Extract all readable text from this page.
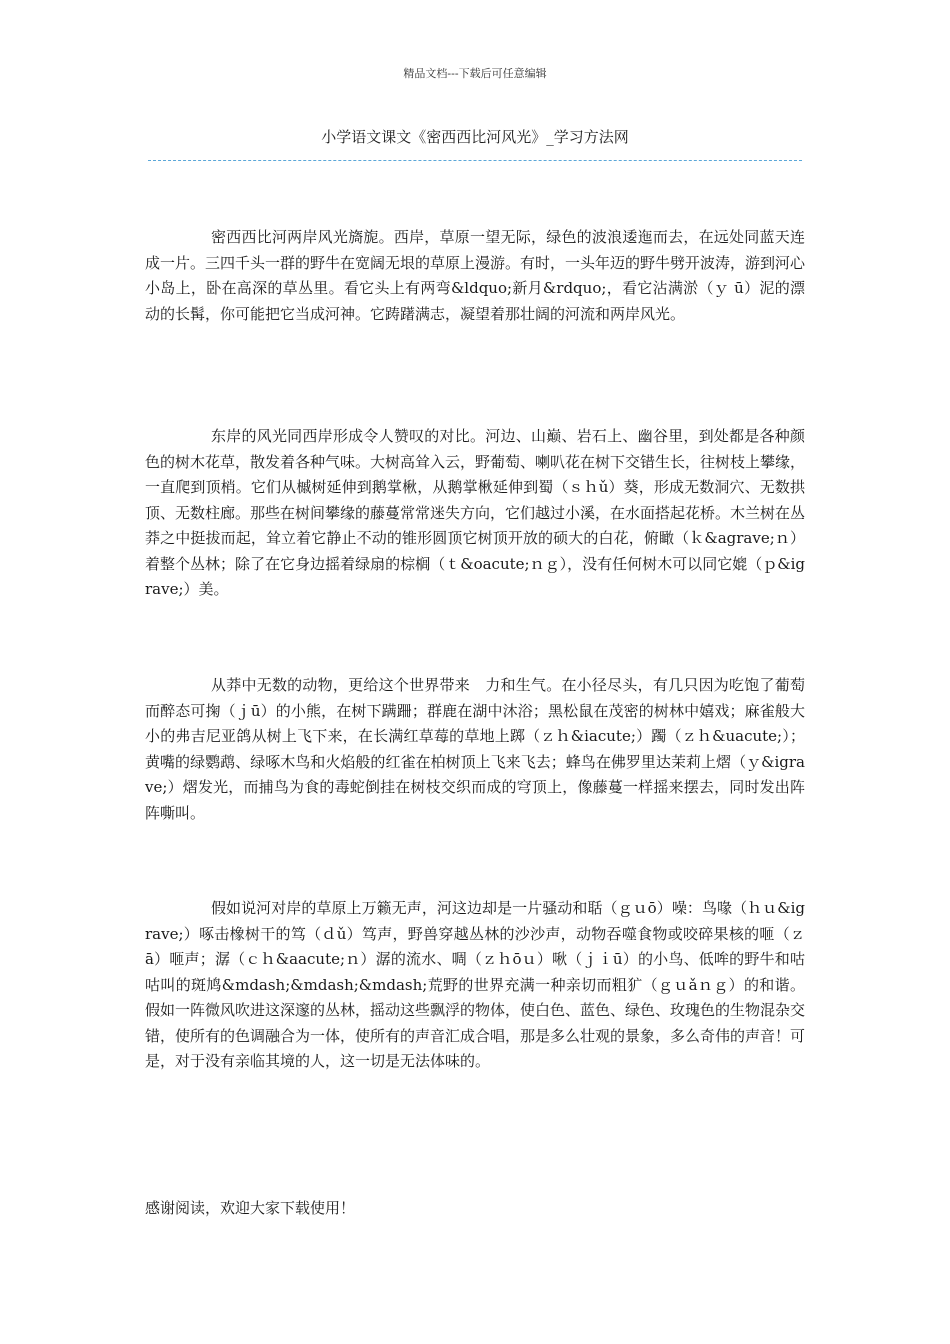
精品文档---下载后可任意编辑
小学语文课文《密西西比河风光》_学习方法网

密西西比河两岸风光旖旎。西岸，草原一望无际，绿色的波浪逶迤而去，在远处同蓝天连成一片。三四千头一群的野牛在宽阔无垠的草原上漫游。有时，一头年迈的野牛劈开波涛，游到河心小岛上，卧在高深的草丛里。看它头上有两弯&ldquo;新月&rdquo;，看它沾满淤（ｙ ū）泥的漂动的长髯，你可能把它当成河神。它踌躇满志，凝望着那壮阔的河流和两岸风光。

东岸的风光同西岸形成令人赞叹的对比。河边、山巅、岩石上、幽谷里，到处都是各种颜色的树木花草，散发着各种气味。大树高耸入云，野葡萄、喇叭花在树下交错生长，往树枝上攀缘，一直爬到顶梢。它们从槭树延伸到鹅掌楸，从鹅掌楸延伸到蜀（ｓｈǔ）葵，形成无数洞穴、无数拱顶、无数柱廊。那些在树间攀缘的藤蔓常常迷失方向，它们越过小溪，在水面搭起花桥。木兰树在丛莽之中挺拔而起，耸立着它静止不动的锥形圆顶它树顶开放的硕大的白花，俯瞰（ｋ&agrave;ｎ）着整个丛林；除了在它身边摇着绿扇的棕榈（ｔ&oacute;ｎｇ），没有任何树木可以同它媲（ｐ&igrave;）美。

从莽中无数的动物，更给这个世界带来　力和生气。在小径尽头，有几只因为吃饱了葡萄而醉态可掬（ｊū）的小熊，在树下蹒跚；群鹿在湖中沐浴；黑松鼠在茂密的树林中嬉戏；麻雀般大小的弗吉尼亚鸽从树上飞下来，在长满红草莓的草地上踯（ｚｈ&iacute;）躅（ｚｈ&uacute;）；黄嘴的绿鹦鹉、绿啄木鸟和火焰般的红雀在柏树顶上飞来飞去；蜂鸟在佛罗里达茉莉上熠（ｙ&igrave;）熠发光，而捕鸟为食的毒蛇倒挂在树枝交织而成的穹顶上，像藤蔓一样摇来摆去，同时发出阵阵嘶叫。

假如说河对岸的草原上万籁无声，河这边却是一片骚动和聒（ｇｕō）噪：鸟喙（ｈｕ&igrave;）啄击橡树干的笃（ｄǔ）笃声，野兽穿越丛林的沙沙声，动物吞噬食物或咬碎果核的咂（ｚā）咂声；潺（ｃｈ&aacute;ｎ）潺的流水、啁（ｚｈōｕ）啾（ｊｉū）的小鸟、低哞的野牛和咕咕叫的斑鸠&mdash;&mdash;&mdash;荒野的世界充满一种亲切而粗犷（ｇｕǎｎｇ）的和谐。假如一阵微风吹进这深邃的丛林，摇动这些飘浮的物体，使白色、蓝色、绿色、玫瑰色的生物混杂交错，使所有的色调融合为一体，使所有的声音汇成合唱，那是多么壮观的景象，多么奇伟的声音！可是，对于没有亲临其境的人，这一切是无法体味的。

感谢阅读，欢迎大家下载使用！
